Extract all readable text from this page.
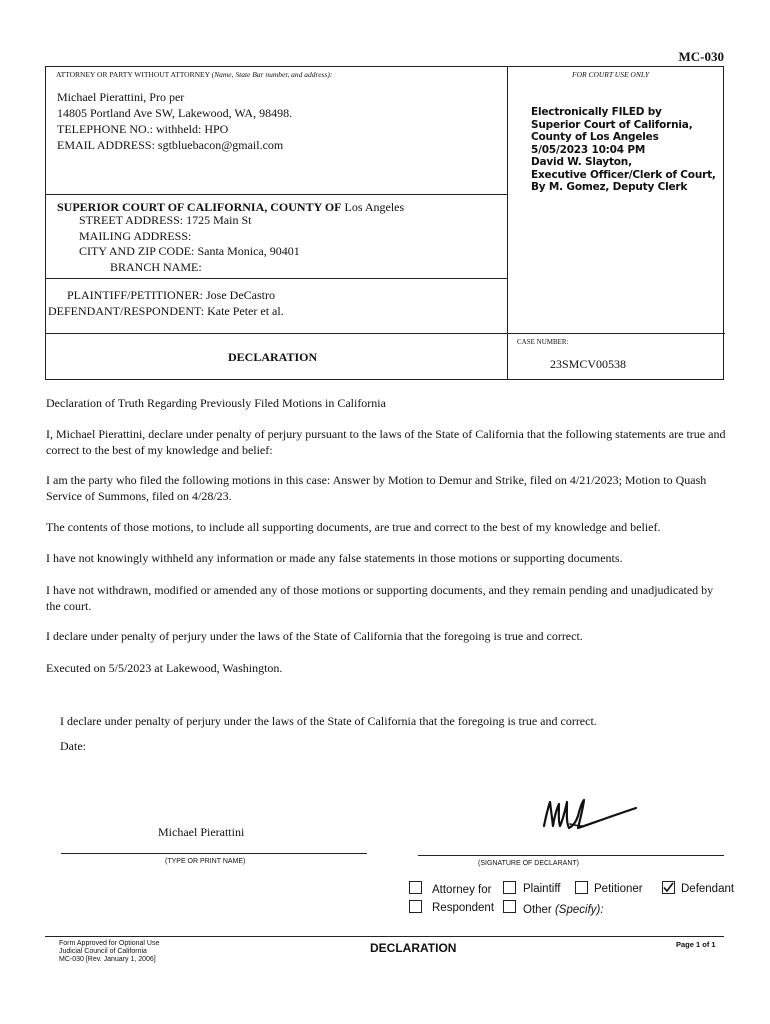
MC-030
ATTORNEY OR PARTY WITHOUT ATTORNEY (Name, State Bar number, and address):	FOR COURT USE ONLY
Michael Pierattini, Pro per
14805 Portland Ave SW, Lakewood, WA, 98498.
TELEPHONE NO.: withheld: HPO
EMAIL ADDRESS: sgtbluebacon@gmail.com
Electronically FILED by
Superior Court of California,
County of Los Angeles
5/05/2023 10:04 PM
David W. Slayton,
Executive Officer/Clerk of Court,
By M. Gomez, Deputy Clerk
SUPERIOR COURT OF CALIFORNIA, COUNTY OF Los Angeles
STREET ADDRESS: 1725 Main St
MAILING ADDRESS:
CITY AND ZIP CODE: Santa Monica, 90401
BRANCH NAME:
PLAINTIFF/PETITIONER: Jose DeCastro
DEFENDANT/RESPONDENT: Kate Peter et al.
DECLARATION
CASE NUMBER:
23SMCV00538
Declaration of Truth Regarding Previously Filed Motions in California
I, Michael Pierattini, declare under penalty of perjury pursuant to the laws of the State of California that the following statements are true and correct to the best of my knowledge and belief:
I am the party who filed the following motions in this case: Answer by Motion to Demur and Strike, filed on 4/21/2023; Motion to Quash Service of Summons, filed on 4/28/23.
The contents of those motions, to include all supporting documents, are true and correct to the best of my knowledge and belief.
I have not knowingly withheld any information or made any false statements in those motions or supporting documents.
I have not withdrawn, modified or amended any of those motions or supporting documents, and they remain pending and unadjudicated by the court.
I declare under penalty of perjury under the laws of the State of California that the foregoing is true and correct.
Executed on 5/5/2023 at Lakewood, Washington.
I declare under penalty of perjury under the laws of the State of California that the foregoing is true and correct.
Date:
Michael Pierattini
(TYPE OR PRINT NAME)	(SIGNATURE OF DECLARANT)
Attorney for	Plaintiff	Petitioner	Defendant
Respondent	Other (Specify):
Form Approved for Optional Use
Judicial Council of California
MC-030 [Rev. January 1, 2006]
DECLARATION	Page 1 of 1
